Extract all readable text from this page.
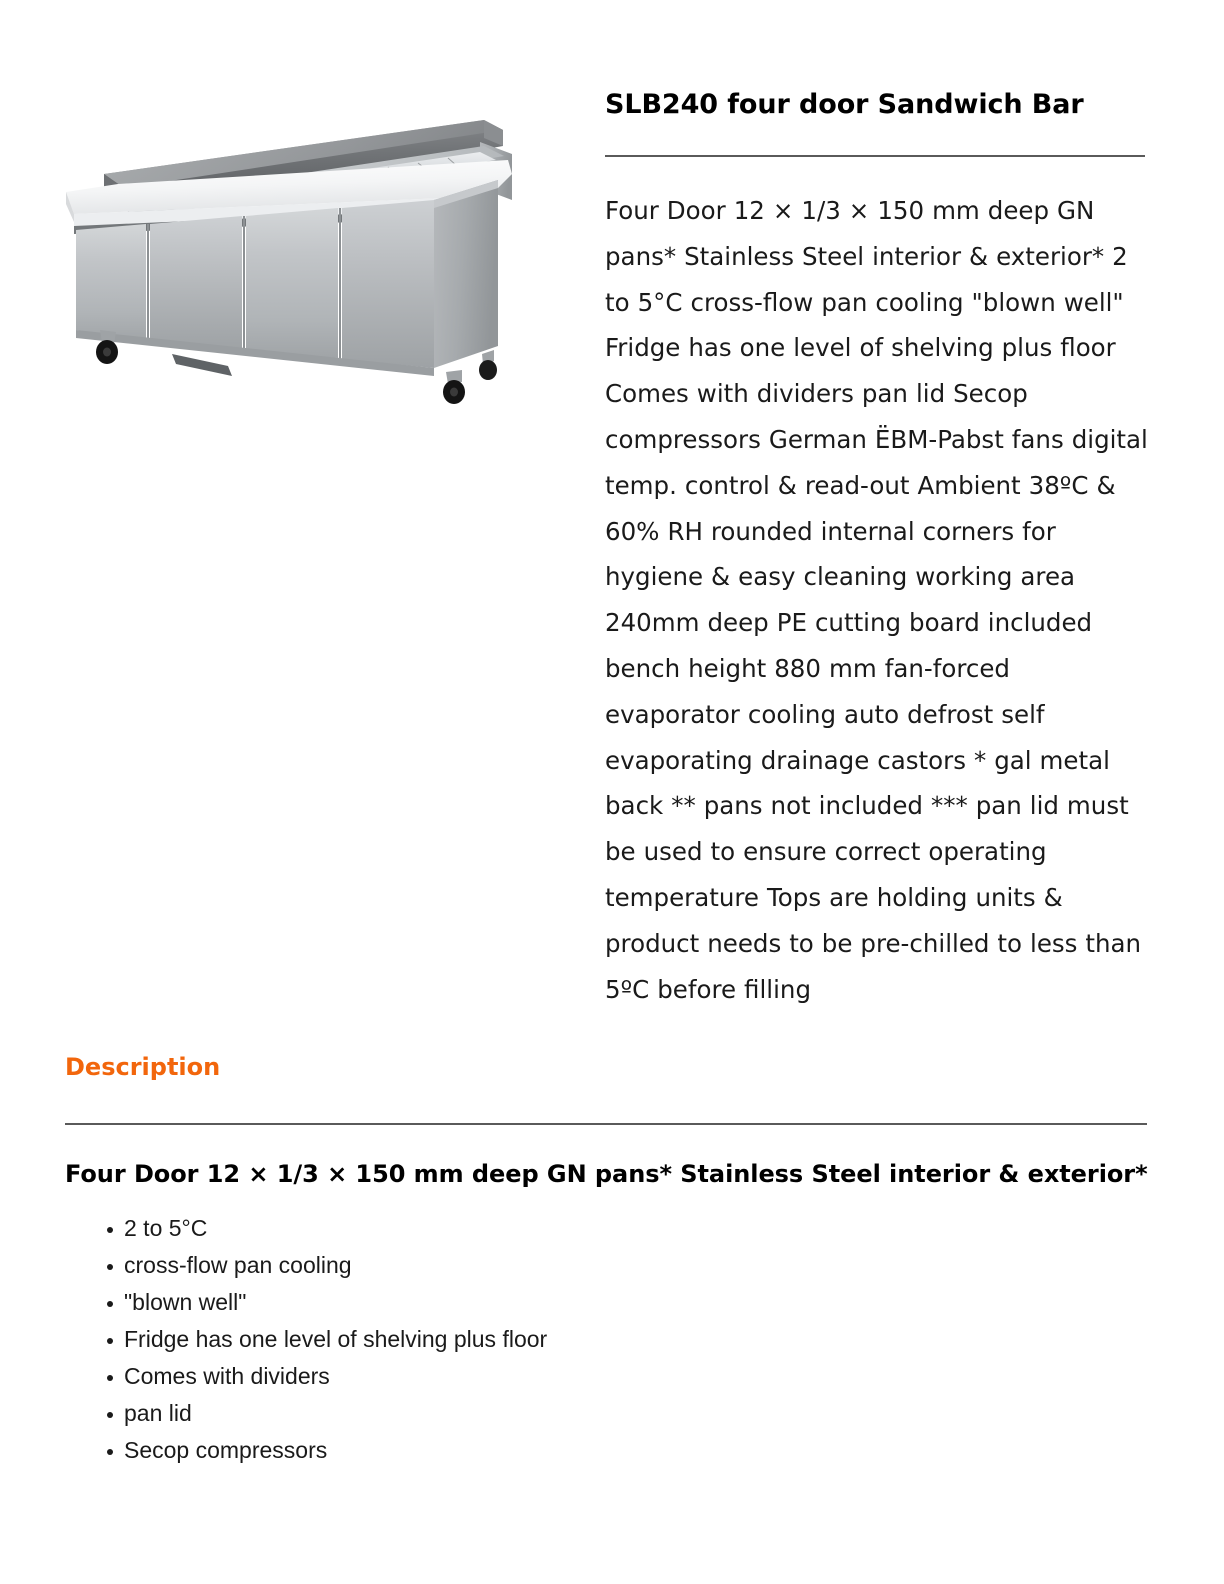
SLB240 four door Sandwich Bar

Four Door 12 × 1/3 × 150 mm deep GN pans* Stainless Steel interior & exterior* 2 to 5°C cross-flow pan cooling "blown well" Fridge has one level of shelving plus floor Comes with dividers pan lid Secop compressors German ËBM-Pabst fans digital temp. control & read-out Ambient 38ºC & 60% RH rounded internal corners for hygiene & easy cleaning working area 240mm deep PE cutting board included bench height 880 mm fan-forced evaporator cooling auto defrost self evaporating drainage castors * gal metal back ** pans not included *** pan lid must be used to ensure correct operating temperature Tops are holding units & product needs to be pre-chilled to less than 5ºC before filling

Description

Four Door 12 × 1/3 × 150 mm deep GN pans* Stainless Steel interior & exterior*

2 to 5°C
cross-flow pan cooling
"blown well"
Fridge has one level of shelving plus floor
Comes with dividers
pan lid
Secop compressors
